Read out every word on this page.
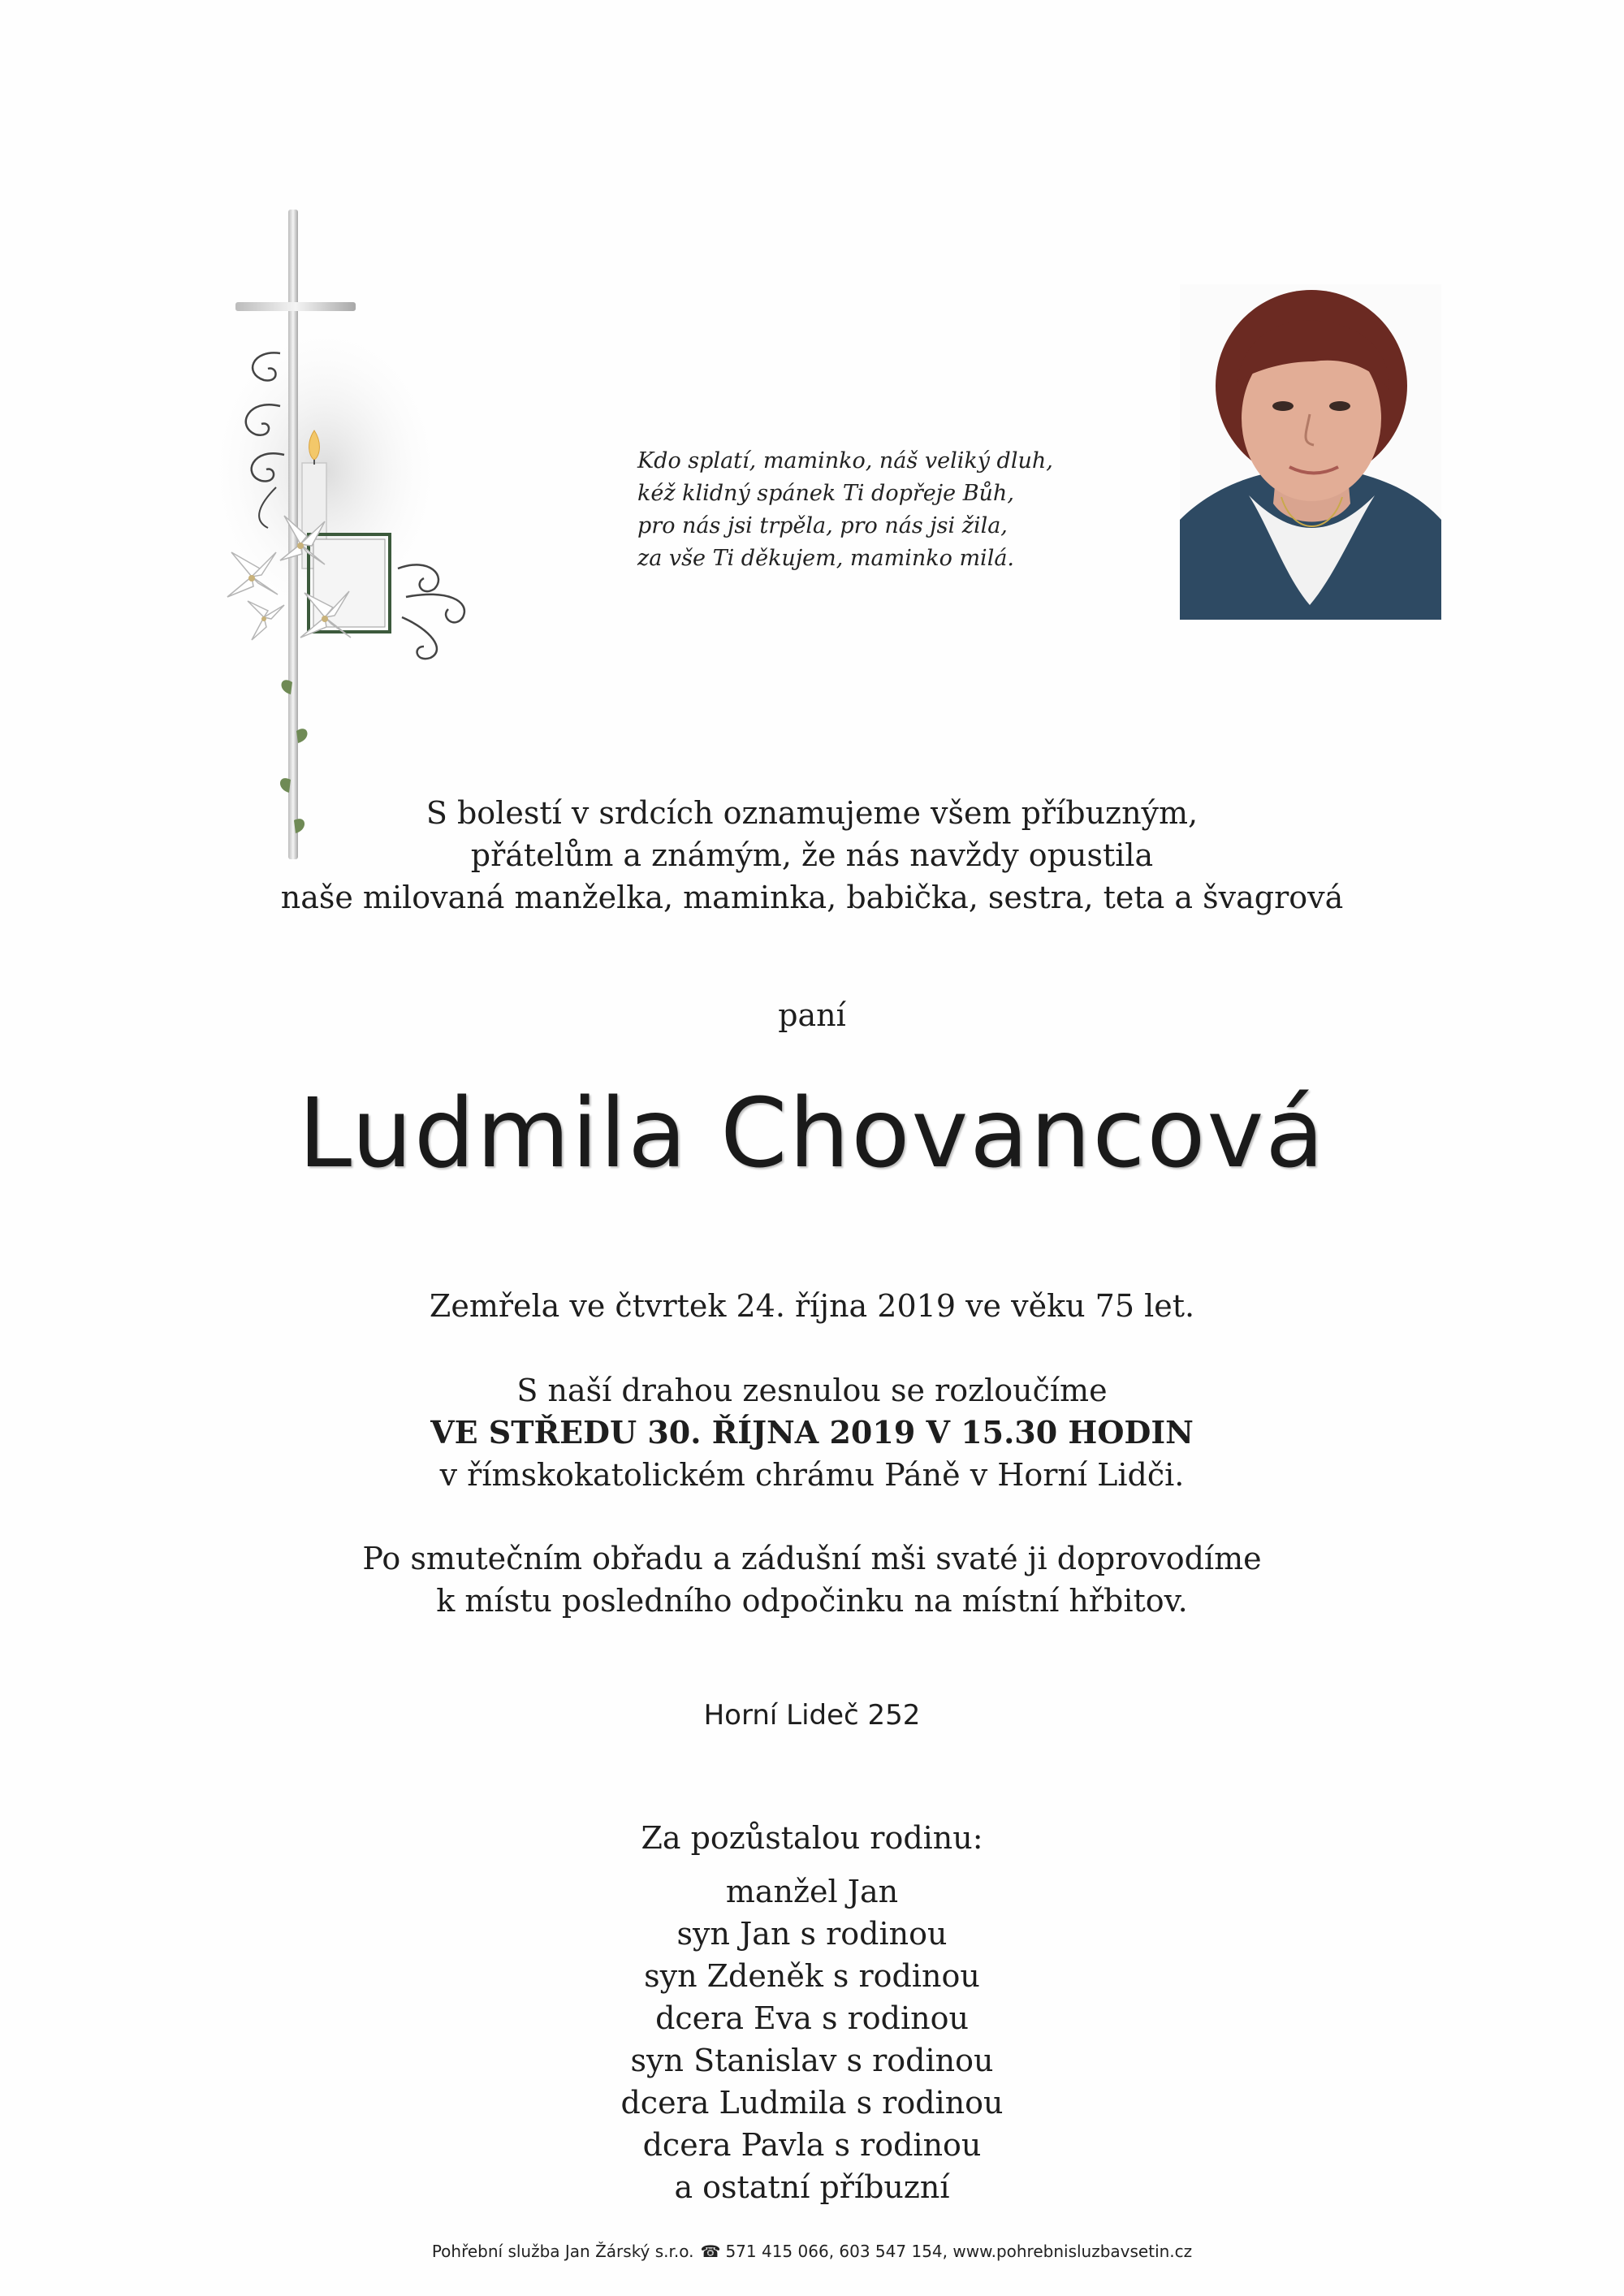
Kdo splatí, maminko, náš veliký dluh,
kéž klidný spánek Ti dopřeje Bůh,
pro nás jsi trpěla, pro nás jsi žila,
za vše Ti děkujem, maminko milá.
S bolestí v srdcích oznamujeme všem příbuzným,
přátelům a známým, že nás navždy opustila
naše milovaná manželka, maminka, babička, sestra, teta a švagrová
paní
Ludmila Chovancová
Zemřela ve čtvrtek 24. října 2019 ve věku 75 let.
S naší drahou zesnulou se rozloučíme
VE STŘEDU 30. ŘÍJNA 2019 V 15.30 HODIN
v římskokatolickém chrámu Páně v Horní Lidči.
Po smutečním obřadu a zádušní mši svaté ji doprovodíme
k místu posledního odpočinku na místní hřbitov.
Horní Lideč 252
Za pozůstalou rodinu:
manžel Jan
syn Jan s rodinou
syn Zdeněk s rodinou
dcera Eva s rodinou
syn Stanislav s rodinou
dcera Ludmila s rodinou
dcera Pavla s rodinou
a ostatní příbuzní
Pohřební služba Jan Žárský s.r.o. ☎ 571 415 066, 603 547 154, www.pohrebnisluzbavsetin.cz
